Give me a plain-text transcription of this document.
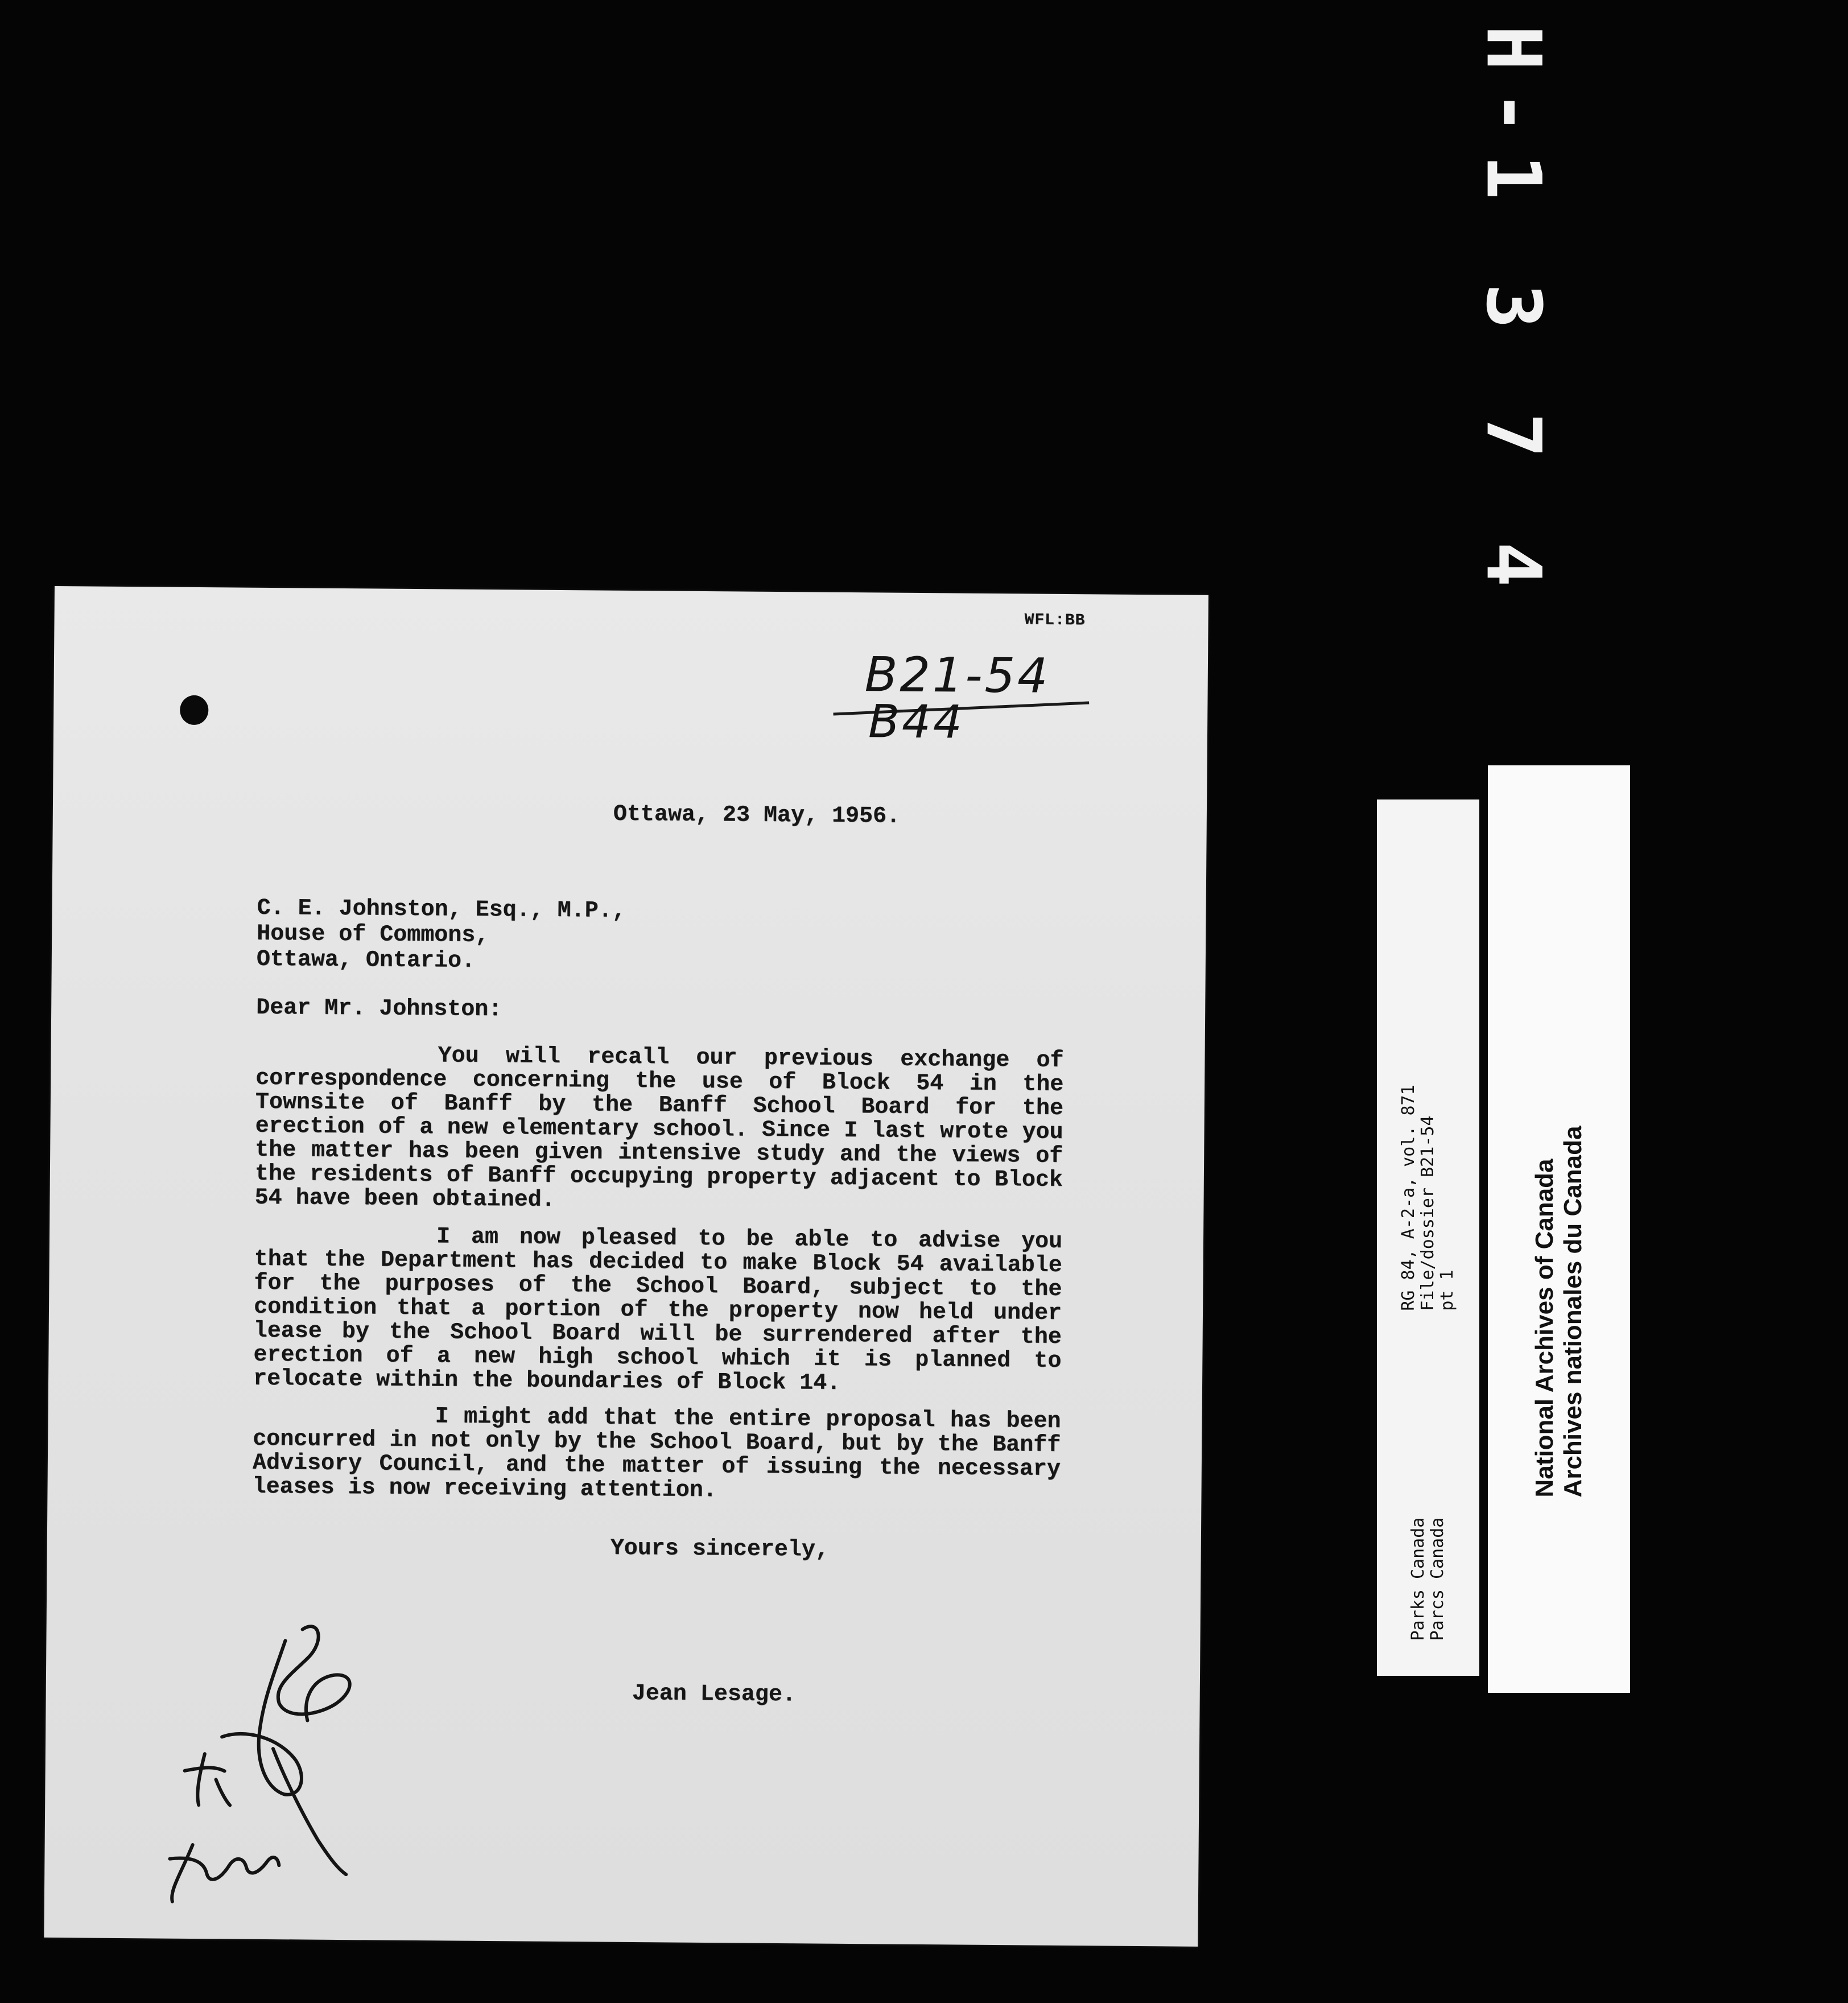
H-1 3 7 4
WFL:BB
B21-54
B44
Ottawa, 23 May, 1956.
C. E. Johnston, Esq., M.P.,
House of Commons,
Ottawa, Ontario.
Dear Mr. Johnston:
You will recall our previous exchange of correspondence concerning the use of Block 54 in the Townsite of Banff by the Banff School Board for the erection of a new elementary school. Since I last wrote you the matter has been given intensive study and the views of the residents of Banff occupying property adjacent to Block 54 have been obtained.
I am now pleased to be able to advise you that the Department has decided to make Block 54 available for the purposes of the School Board, subject to the condition that a portion of the property now held under lease by the School Board will be surrendered after the erection of a new high school which it is planned to relocate within the boundaries of Block 14.
I might add that the entire proposal has been concurred in not only by the School Board, but by the Banff Advisory Council, and the matter of issuing the necessary leases is now receiving attention.
Yours sincerely,
Jean Lesage.
RG 84, A-2-a, vol. 871 File/dossier B21-54 pt 1
Parks Canada Parcs Canada
National Archives of Canada Archives nationales du Canada
